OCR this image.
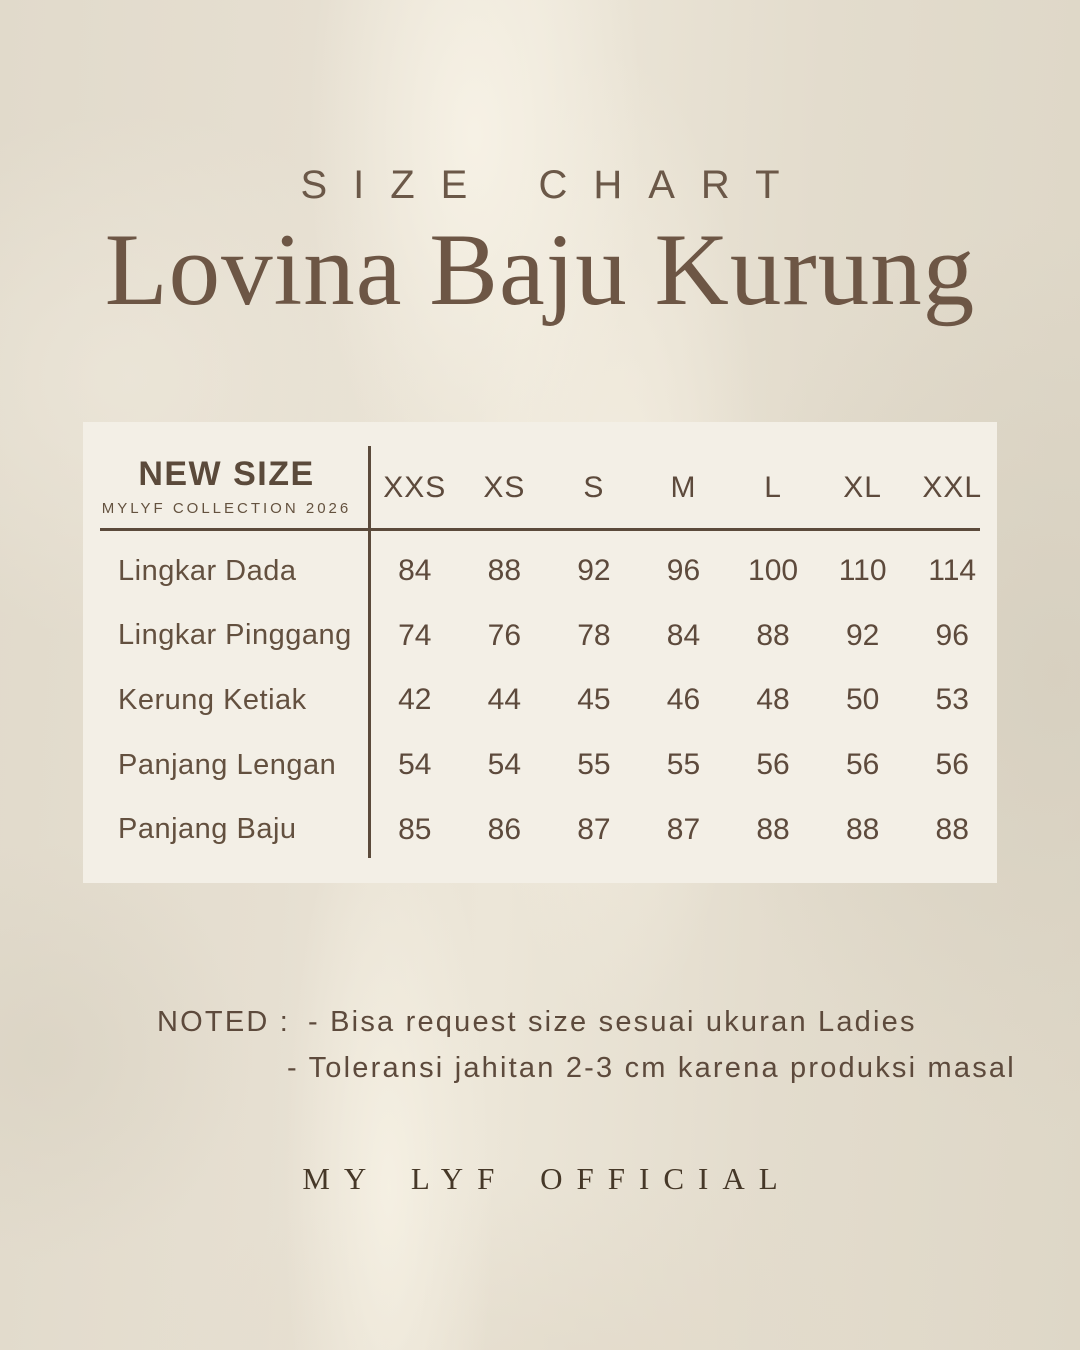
SIZE CHART
Lovina Baju Kurung
NEW SIZE
MYLYF COLLECTION 2026
XXS	XS	S	M	L	XL	XXL
Lingkar Dada	84	88	92	96	100	110	114
Lingkar Pinggang	74	76	78	84	88	92	96
Kerung Ketiak	42	44	45	46	48	50	53
Panjang Lengan	54	54	55	55	56	56	56
Panjang Baju	85	86	87	87	88	88	88
NOTED : - Bisa request size sesuai ukuran Ladies
- Toleransi jahitan 2-3 cm karena produksi masal
MY LYF OFFICIAL
